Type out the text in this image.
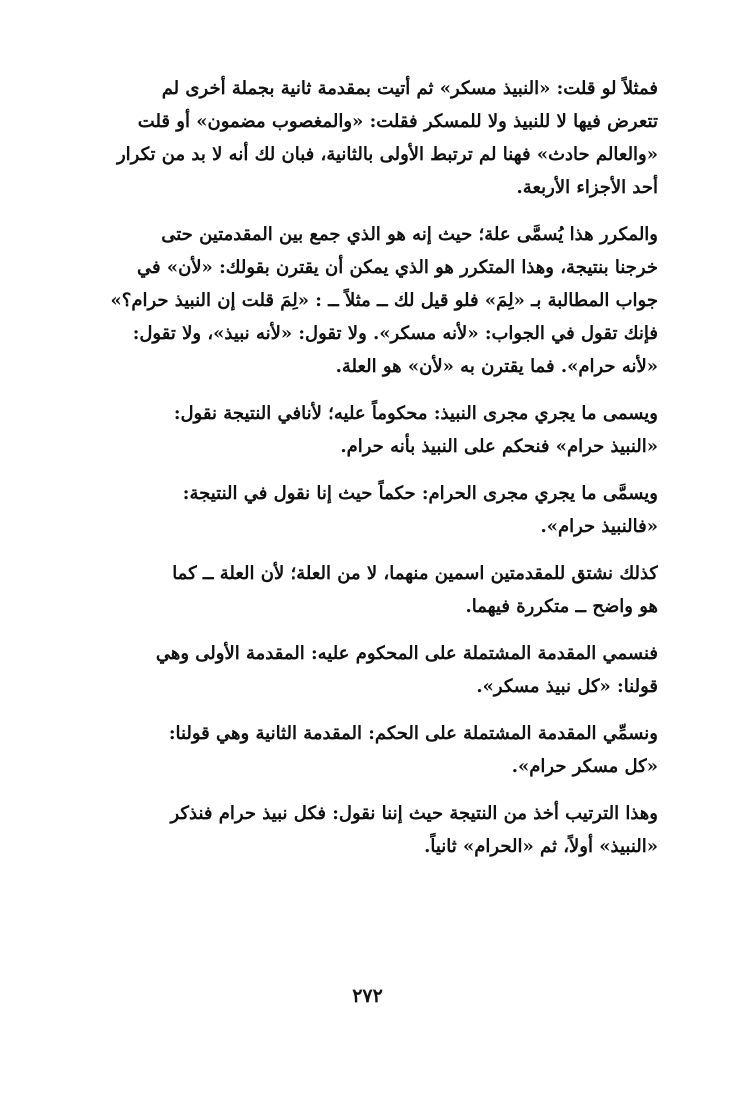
فمثلاً لو قلت: «النبيذ مسكر» ثم أتيت بمقدمة ثانية بجملة أخرى لم
تتعرض فيها لا للنبيذ ولا للمسكر فقلت: «والمغصوب مضمون» أو قلت
«والعالم حادث» فهنا لم ترتبط الأولى بالثانية، فبان لك أنه لا بد من تكرار
أحد الأجزاء الأربعة.
والمكرر هذا يُسمَّى علة؛ حيث إنه هو الذي جمع بين المقدمتين حتى
خرجنا بنتيجة، وهذا المتكرر هو الذي يمكن أن يقترن بقولك: «لأن» في
جواب المطالبة بـ «لِمَ» فلو قيل لك ــ مثلاً ــ : «لِمَ قلت إن النبيذ حرام؟»
فإنك تقول في الجواب: «لأنه مسكر». ولا تقول: «لأنه نبيذ»، ولا تقول:
«لأنه حرام». فما يقترن به «لأن» هو العلة.
ويسمى ما يجري مجرى النبيذ: محكوماً عليه؛ لأنافي النتيجة نقول:
«النبيذ حرام» فنحكم على النبيذ بأنه حرام.
ويسمَّى ما يجري مجرى الحرام: حكماً حيث إنا نقول في النتيجة:
«فالنبيذ حرام».
كذلك نشتق للمقدمتين اسمين منهما، لا من العلة؛ لأن العلة ــ كما
هو واضح ــ متكررة فيهما.
فنسمي المقدمة المشتملة على المحكوم عليه: المقدمة الأولى وهي
قولنا: «كل نبيذ مسكر».
ونسمِّي المقدمة المشتملة على الحكم: المقدمة الثانية وهي قولنا:
«كل مسكر حرام».
وهذا الترتيب أخذ من النتيجة حيث إننا نقول: فكل نبيذ حرام فنذكر
«النبيذ» أولاً، ثم «الحرام» ثانياً.
٢٧٢
